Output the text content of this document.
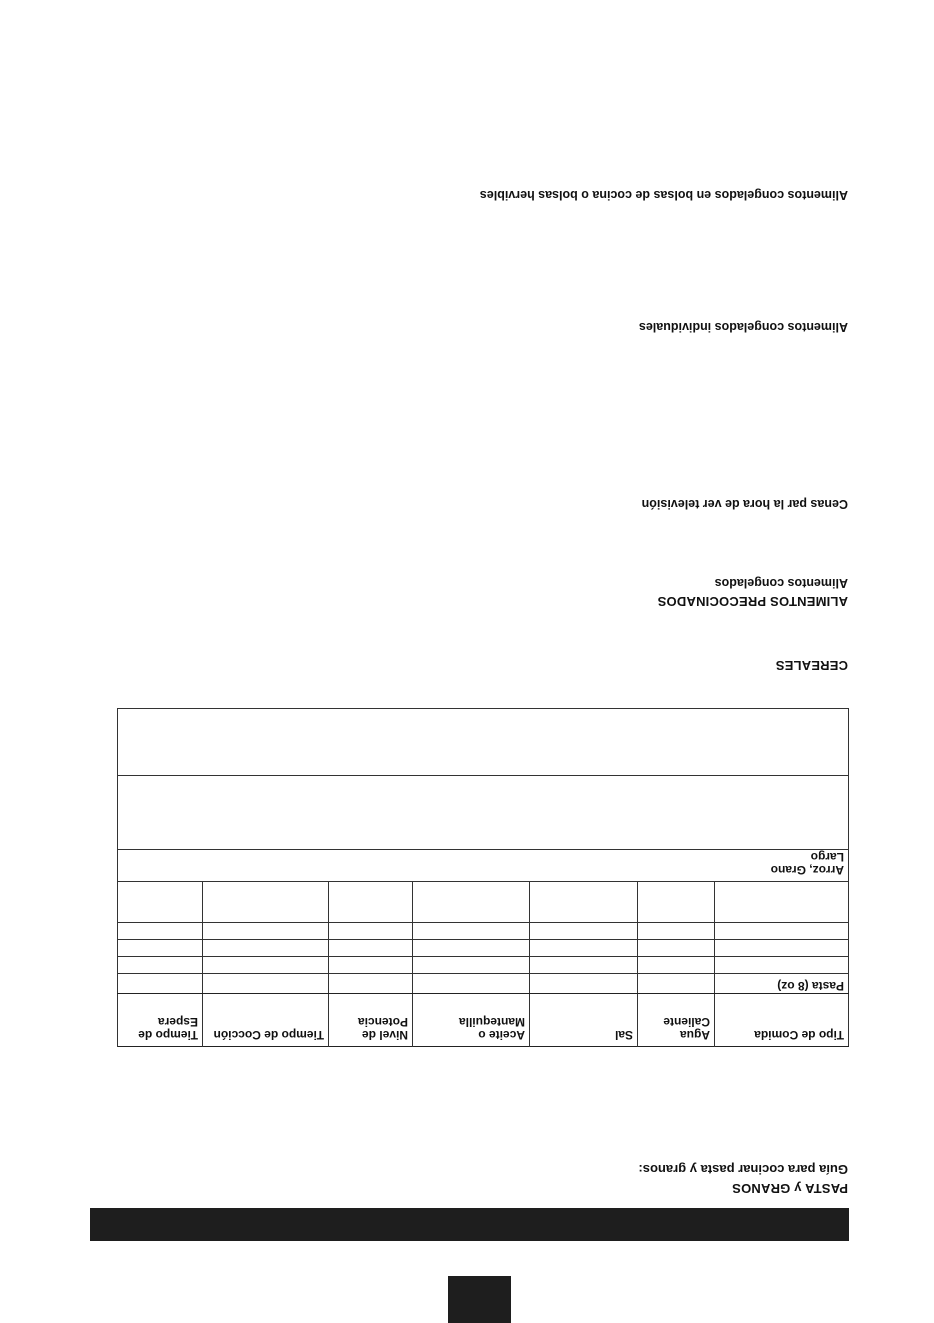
PASTA y GRANOS
Guía para cocinar pasta y granos:
Tipo de Comida	Agua Caliente	Sal	Aceite o Mantequilla	Nivel de Potencia	Tiempo de Cocción	Tiempo de Espera
Pasta (8 oz)						

Arroz, Grano Largo						

CEREALES
ALIMENTOS PRECOCINADOS
Alimentos congelados
Cenas par la hora de ver televisión
Alimentos congelados individuales
Alimentos congelados en bolsas de cocina o bolsas hervibles
